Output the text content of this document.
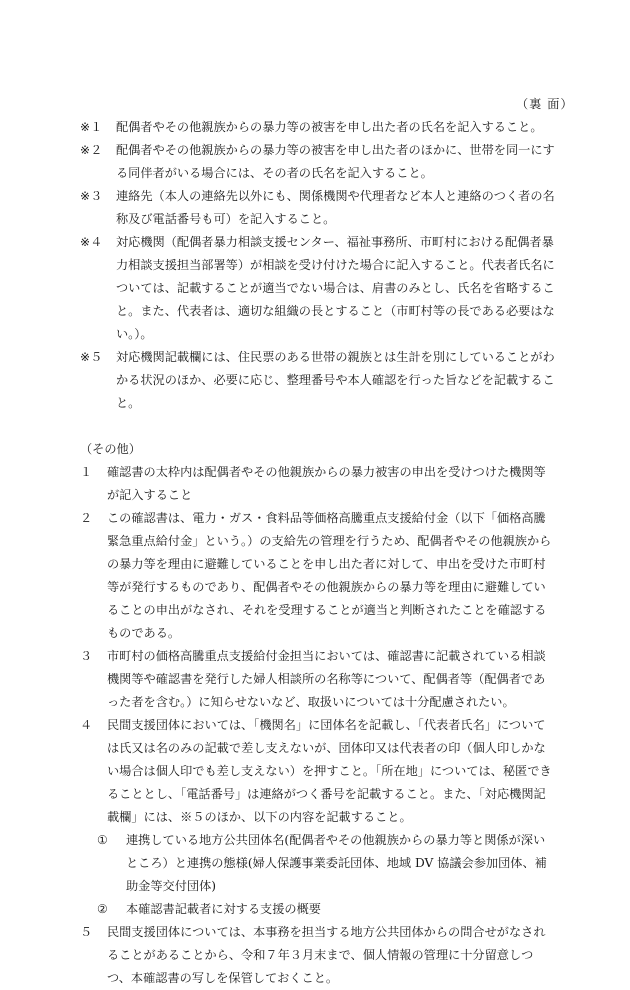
（裏 面）
※１ 配偶者やその他親族からの暴力等の被害を申し出た者の氏名を記入すること。
※２ 配偶者やその他親族からの暴力等の被害を申し出た者のほかに、世帯を同一にする同伴者がいる場合には、その者の氏名を記入すること。
※３ 連絡先（本人の連絡先以外にも、関係機関や代理者など本人と連絡のつく者の名称及び電話番号も可）を記入すること。
※４ 対応機関（配偶者暴力相談支援センター、福祉事務所、市町村における配偶者暴力相談支援担当部署等）が相談を受け付けた場合に記入すること。代表者氏名については、記載することが適当でない場合は、肩書のみとし、氏名を省略すること。また、代表者は、適切な組織の長とすること（市町村等の長である必要はない。）。
※５ 対応機関記載欄には、住民票のある世帯の親族とは生計を別にしていることがわかる状況のほか、必要に応じ、整理番号や本人確認を行った旨などを記載すること。
（その他）
１ 確認書の太枠内は配偶者やその他親族からの暴力被害の申出を受けつけた機関等が記入すること
２ この確認書は、電力・ガス・食料品等価格高騰重点支援給付金（以下「価格高騰緊急重点給付金」という。）の支給先の管理を行うため、配偶者やその他親族からの暴力等を理由に避難していることを申し出た者に対して、申出を受けた市町村等が発行するものであり、配偶者やその他親族からの暴力等を理由に避難していることの申出がなされ、それを受理することが適当と判断されたことを確認するものである。
３ 市町村の価格高騰重点支援給付金担当においては、確認書に記載されている相談機関等や確認書を発行した婦人相談所の名称等について、配偶者等（配偶者であった者を含む。）に知らせないなど、取扱いについては十分配慮されたい。
４ 民間支援団体においては、「機関名」に団体名を記載し、「代表者氏名」については氏又は名のみの記載で差し支えないが、団体印又は代表者の印（個人印しかない場合は個人印でも差し支えない）を押すこと。「所在地」については、秘匿できることとし、「電話番号」は連絡がつく番号を記載すること。また、「対応機関記載欄」には、※５のほか、以下の内容を記載すること。
① 連携している地方公共団体名(配偶者やその他親族からの暴力等と関係が深いところ）と連携の態様(婦人保護事業委託団体、地域 DV 協議会参加団体、補助金等交付団体)
② 本確認書記載者に対する支援の概要
５ 民間支援団体については、本事務を担当する地方公共団体からの問合せがなされることがあることから、令和７年３月末まで、個人情報の管理に十分留意しつつ、本確認書の写しを保管しておくこと。
